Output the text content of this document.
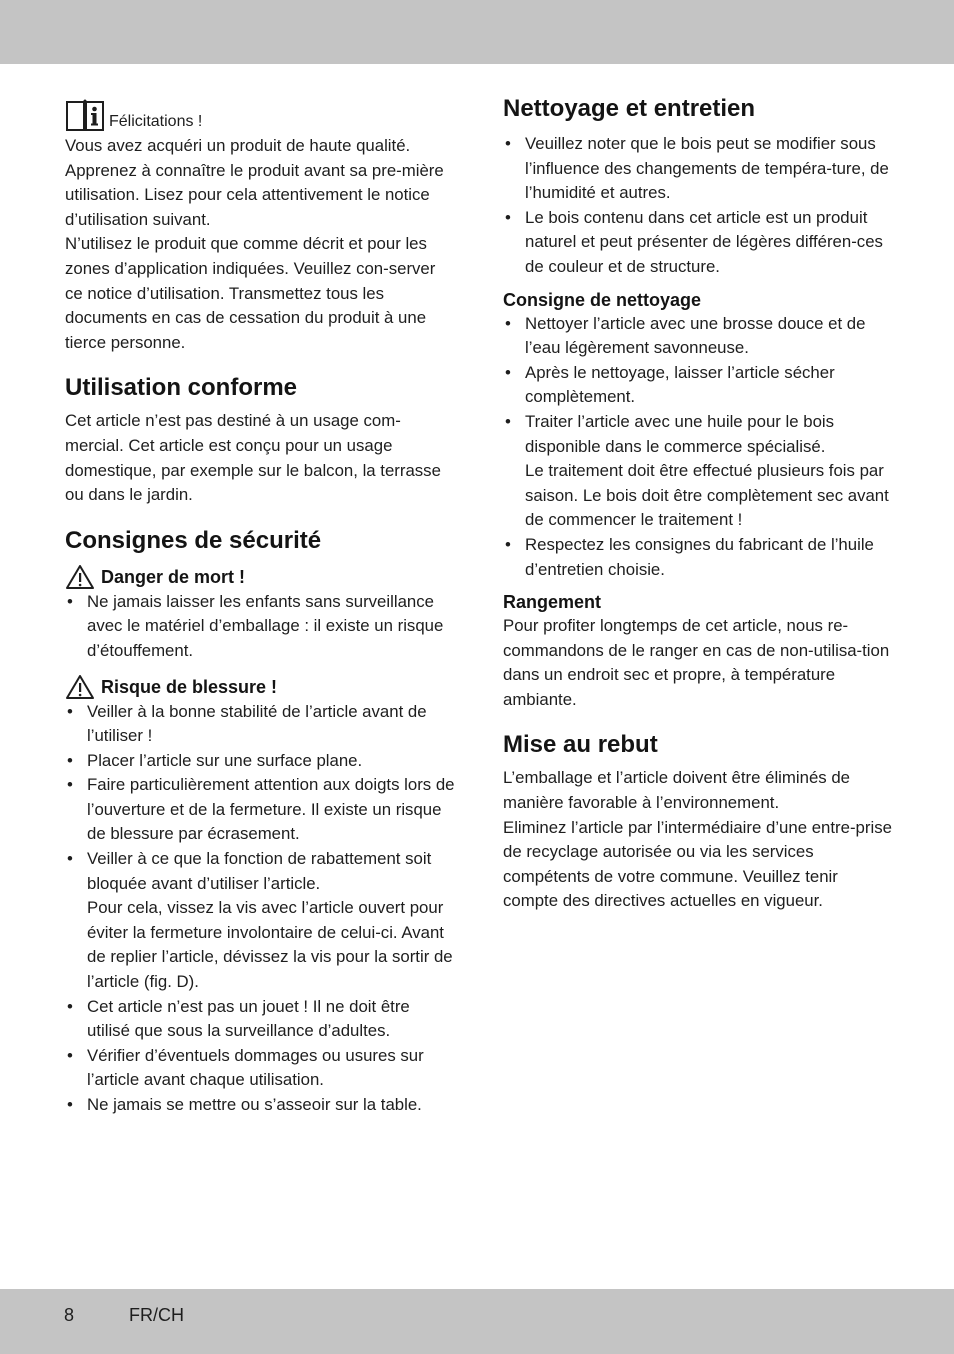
Félicitations !

Vous avez acquéri un produit de haute qualité. Apprenez à connaître le produit avant sa pre-mière utilisation. Lisez pour cela attentivement le notice d’utilisation suivant.

N’utilisez le produit que comme décrit et pour les zones d’application indiquées. Veuillez con-server ce notice d’utilisation. Transmettez tous les documents en cas de cessation du produit à une tierce personne.

Utilisation conforme

Cet article n’est pas destiné à un usage com-mercial. Cet article est conçu pour un usage domestique, par exemple sur le balcon, la terrasse ou dans le jardin.

Consignes de sécurité
Danger de mort !
• Ne jamais laisser les enfants sans surveillance avec le matériel d’emballage : il existe un risque d’étouffement.
Risque de blessure !
• Veiller à la bonne stabilité de l’article avant de l’utiliser !
• Placer l’article sur une surface plane.
• Faire particulièrement attention aux doigts lors de l’ouverture et de la fermeture. Il existe un risque de blessure par écrasement.
• Veiller à ce que la fonction de rabattement soit bloquée avant d’utiliser l’article.
Pour cela, vissez la vis avec l’article ouvert pour éviter la fermeture involontaire de celui-ci. Avant de replier l’article, dévissez la vis pour la sortir de l’article (fig. D).
• Cet article n’est pas un jouet ! Il ne doit être utilisé que sous la surveillance d’adultes.
• Vérifier d’éventuels dommages ou usures sur l’article avant chaque utilisation.
• Ne jamais se mettre ou s’asseoir sur la table.
Nettoyage et entretien
• Veuillez noter que le bois peut se modifier sous l’influence des changements de tempéra-ture, de l’humidité et autres.
• Le bois contenu dans cet article est un produit naturel et peut présenter de légères différen-ces de couleur et de structure.
Consigne de nettoyage
• Nettoyer l’article avec une brosse douce et de l’eau légèrement savonneuse.
• Après le nettoyage, laisser l’article sécher complètement.
• Traiter l’article avec une huile pour le bois disponible dans le commerce spécialisé.
Le traitement doit être effectué plusieurs fois par saison. Le bois doit être complètement sec avant de commencer le traitement !
• Respectez les consignes du fabricant de l’huile d’entretien choisie.
Rangement

Pour profiter longtemps de cet article, nous re-commandons de le ranger en cas de non-utilisa-tion dans un endroit sec et propre, à température ambiante.

Mise au rebut

L’emballage et l’article doivent être éliminés de manière favorable à l’environnement.

Eliminez l’article par l’intermédiaire d’une entre-prise de recyclage autorisée ou via les services compétents de votre commune. Veuillez tenir compte des directives actuelles en vigueur.

8	FR/CH
